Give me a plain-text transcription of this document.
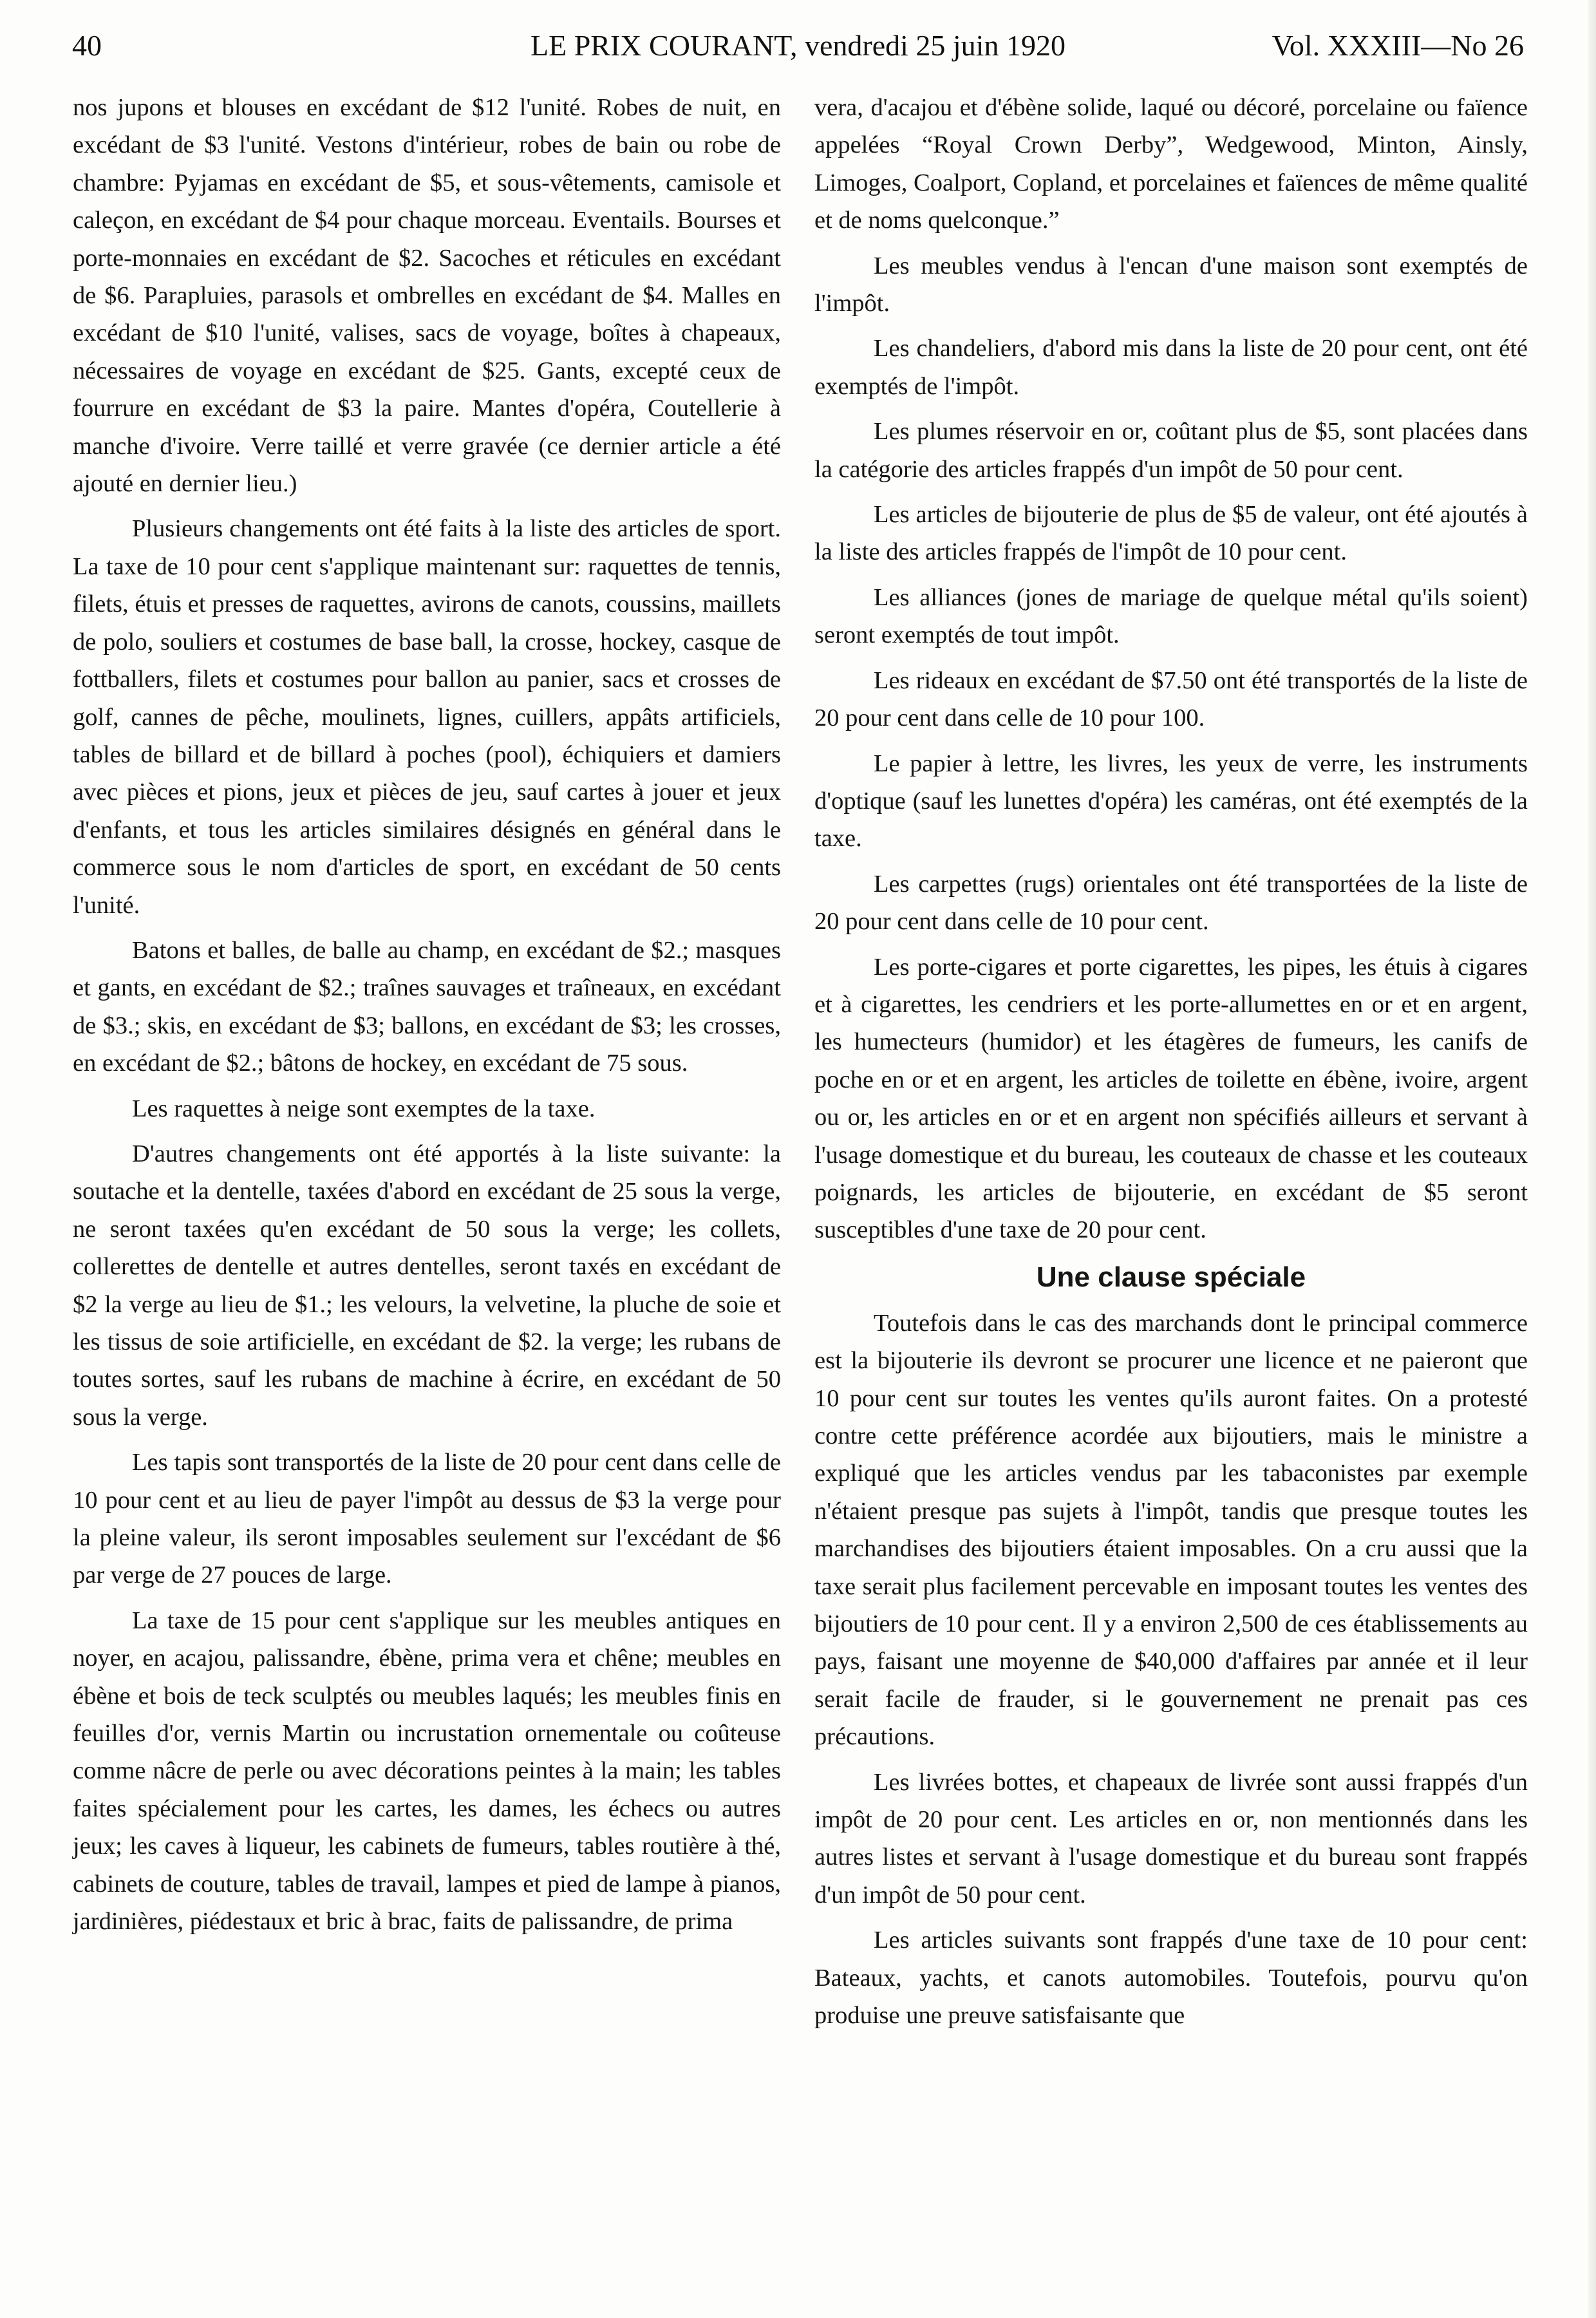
40	LE PRIX COURANT, vendredi 25 juin 1920	Vol. XXXIII—No 26

nos jupons et blouses en excédant de $12 l'unité. Robes de nuit, en excédant de $3 l'unité. Vestons d'intérieur, robes de bain ou robe de chambre: Pyjamas en excédant de $5, et sous-vêtements, camisole et caleçon, en excédant de $4 pour chaque morceau. Eventails. Bourses et porte-monnaies en excédant de $2. Sacoches et réticules en excédant de $6. Parapluies, parasols et ombrelles en excédant de $4. Malles en excédant de $10 l'unité, valises, sacs de voyage, boîtes à chapeaux, nécessaires de voyage en excédant de $25. Gants, excepté ceux de fourrure en excédant de $3 la paire. Mantes d'opéra, Coutellerie à manche d'ivoire. Verre taillé et verre gravée (ce dernier article a été ajouté en dernier lieu.)

Plusieurs changements ont été faits à la liste des articles de sport. La taxe de 10 pour cent s'applique maintenant sur: raquettes de tennis, filets, étuis et presses de raquettes, avirons de canots, coussins, maillets de polo, souliers et costumes de base ball, la crosse, hockey, casque de fottballers, filets et costumes pour ballon au panier, sacs et crosses de golf, cannes de pêche, moulinets, lignes, cuillers, appâts artificiels, tables de billard et de billard à poches (pool), échiquiers et damiers avec pièces et pions, jeux et pièces de jeu, sauf cartes à jouer et jeux d'enfants, et tous les articles similaires désignés en général dans le commerce sous le nom d'articles de sport, en excédant de 50 cents l'unité.

Batons et balles, de balle au champ, en excédant de $2.; masques et gants, en excédant de $2.; traînes sauvages et traîneaux, en excédant de $3.; skis, en excédant de $3; ballons, en excédant de $3; les crosses, en excédant de $2.; bâtons de hockey, en excédant de 75 sous.

Les raquettes à neige sont exemptes de la taxe.

D'autres changements ont été apportés à la liste suivante: la soutache et la dentelle, taxées d'abord en excédant de 25 sous la verge, ne seront taxées qu'en excédant de 50 sous la verge; les collets, collerettes de dentelle et autres dentelles, seront taxés en excédant de $2 la verge au lieu de $1.; les velours, la velvetine, la pluche de soie et les tissus de soie artificielle, en excédant de $2. la verge; les rubans de toutes sortes, sauf les rubans de machine à écrire, en excédant de 50 sous la verge.

Les tapis sont transportés de la liste de 20 pour cent dans celle de 10 pour cent et au lieu de payer l'impôt au dessus de $3 la verge pour la pleine valeur, ils seront imposables seulement sur l'excédant de $6 par verge de 27 pouces de large.

La taxe de 15 pour cent s'applique sur les meubles antiques en noyer, en acajou, palissandre, ébène, prima vera et chêne; meubles en ébène et bois de teck sculptés ou meubles laqués; les meubles finis en feuilles d'or, vernis Martin ou incrustation ornementale ou coûteuse comme nâcre de perle ou avec décorations peintes à la main; les tables faites spécialement pour les cartes, les dames, les échecs ou autres jeux; les caves à liqueur, les cabinets de fumeurs, tables routière à thé, cabinets de couture, tables de travail, lampes et pied de lampe à pianos, jardinières, piédestaux et bric à brac, faits de palissandre, de prima

vera, d'acajou et d'ébène solide, laqué ou décoré, porcelaine ou faïence appelées “Royal Crown Derby”, Wedgewood, Minton, Ainsly, Limoges, Coalport, Copland, et porcelaines et faïences de même qualité et de noms quelconque.”

Les meubles vendus à l'encan d'une maison sont exemptés de l'impôt.

Les chandeliers, d'abord mis dans la liste de 20 pour cent, ont été exemptés de l'impôt.

Les plumes réservoir en or, coûtant plus de $5, sont placées dans la catégorie des articles frappés d'un impôt de 50 pour cent.

Les articles de bijouterie de plus de $5 de valeur, ont été ajoutés à la liste des articles frappés de l'impôt de 10 pour cent.

Les alliances (jones de mariage de quelque métal qu'ils soient) seront exemptés de tout impôt.

Les rideaux en excédant de $7.50 ont été transportés de la liste de 20 pour cent dans celle de 10 pour 100.

Le papier à lettre, les livres, les yeux de verre, les instruments d'optique (sauf les lunettes d'opéra) les caméras, ont été exemptés de la taxe.

Les carpettes (rugs) orientales ont été transportées de la liste de 20 pour cent dans celle de 10 pour cent.

Les porte-cigares et porte cigarettes, les pipes, les étuis à cigares et à cigarettes, les cendriers et les porte-allumettes en or et en argent, les humecteurs (humidor) et les étagères de fumeurs, les canifs de poche en or et en argent, les articles de toilette en ébène, ivoire, argent ou or, les articles en or et en argent non spécifiés ailleurs et servant à l'usage domestique et du bureau, les couteaux de chasse et les couteaux poignards, les articles de bijouterie, en excédant de $5 seront susceptibles d'une taxe de 20 pour cent.

Une clause spéciale

Toutefois dans le cas des marchands dont le principal commerce est la bijouterie ils devront se procurer une licence et ne paieront que 10 pour cent sur toutes les ventes qu'ils auront faites. On a protesté contre cette préférence acordée aux bijoutiers, mais le ministre a expliqué que les articles vendus par les tabaconistes par exemple n'étaient presque pas sujets à l'impôt, tandis que presque toutes les marchandises des bijoutiers étaient imposables. On a cru aussi que la taxe serait plus facilement percevable en imposant toutes les ventes des bijoutiers de 10 pour cent. Il y a environ 2,500 de ces établissements au pays, faisant une moyenne de $40,000 d'affaires par année et il leur serait facile de frauder, si le gouvernement ne prenait pas ces précautions.

Les livrées bottes, et chapeaux de livrée sont aussi frappés d'un impôt de 20 pour cent. Les articles en or, non mentionnés dans les autres listes et servant à l'usage domestique et du bureau sont frappés d'un impôt de 50 pour cent.

Les articles suivants sont frappés d'une taxe de 10 pour cent: Bateaux, yachts, et canots automobiles. Toutefois, pourvu qu'on produise une preuve satisfaisante que
